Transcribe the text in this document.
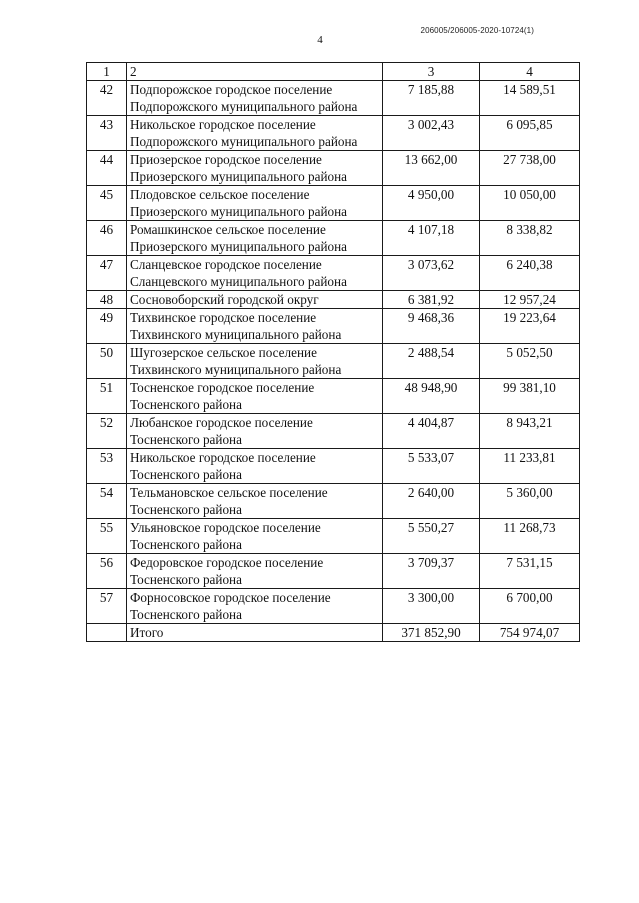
206005/206005-2020-10724(1)
4
1	2	3	4
42	Подпорожское городское поселение Подпорожского муниципального района	7 185,88	14 589,51
43	Никольское городское поселение Подпорожского муниципального района	3 002,43	6 095,85
44	Приозерское городское поселение Приозерского муниципального района	13 662,00	27 738,00
45	Плодовское сельское поселение Приозерского муниципального района	4 950,00	10 050,00
46	Ромашкинское сельское поселение Приозерского муниципального района	4 107,18	8 338,82
47	Сланцевское городское поселение Сланцевского муниципального района	3 073,62	6 240,38
48	Сосновоборский городской округ	6 381,92	12 957,24
49	Тихвинское городское поселение Тихвинского муниципального района	9 468,36	19 223,64
50	Шугозерское сельское поселение Тихвинского муниципального района	2 488,54	5 052,50
51	Тосненское городское поселение Тосненского района	48 948,90	99 381,10
52	Любанское городское поселение Тосненского района	4 404,87	8 943,21
53	Никольское городское поселение Тосненского района	5 533,07	11 233,81
54	Тельмановское сельское поселение Тосненского района	2 640,00	5 360,00
55	Ульяновское городское поселение Тосненского района	5 550,27	11 268,73
56	Федоровское городское поселение Тосненского района	3 709,37	7 531,15
57	Форносовское городское поселение Тосненского района	3 300,00	6 700,00
	Итого	371 852,90	754 974,07
